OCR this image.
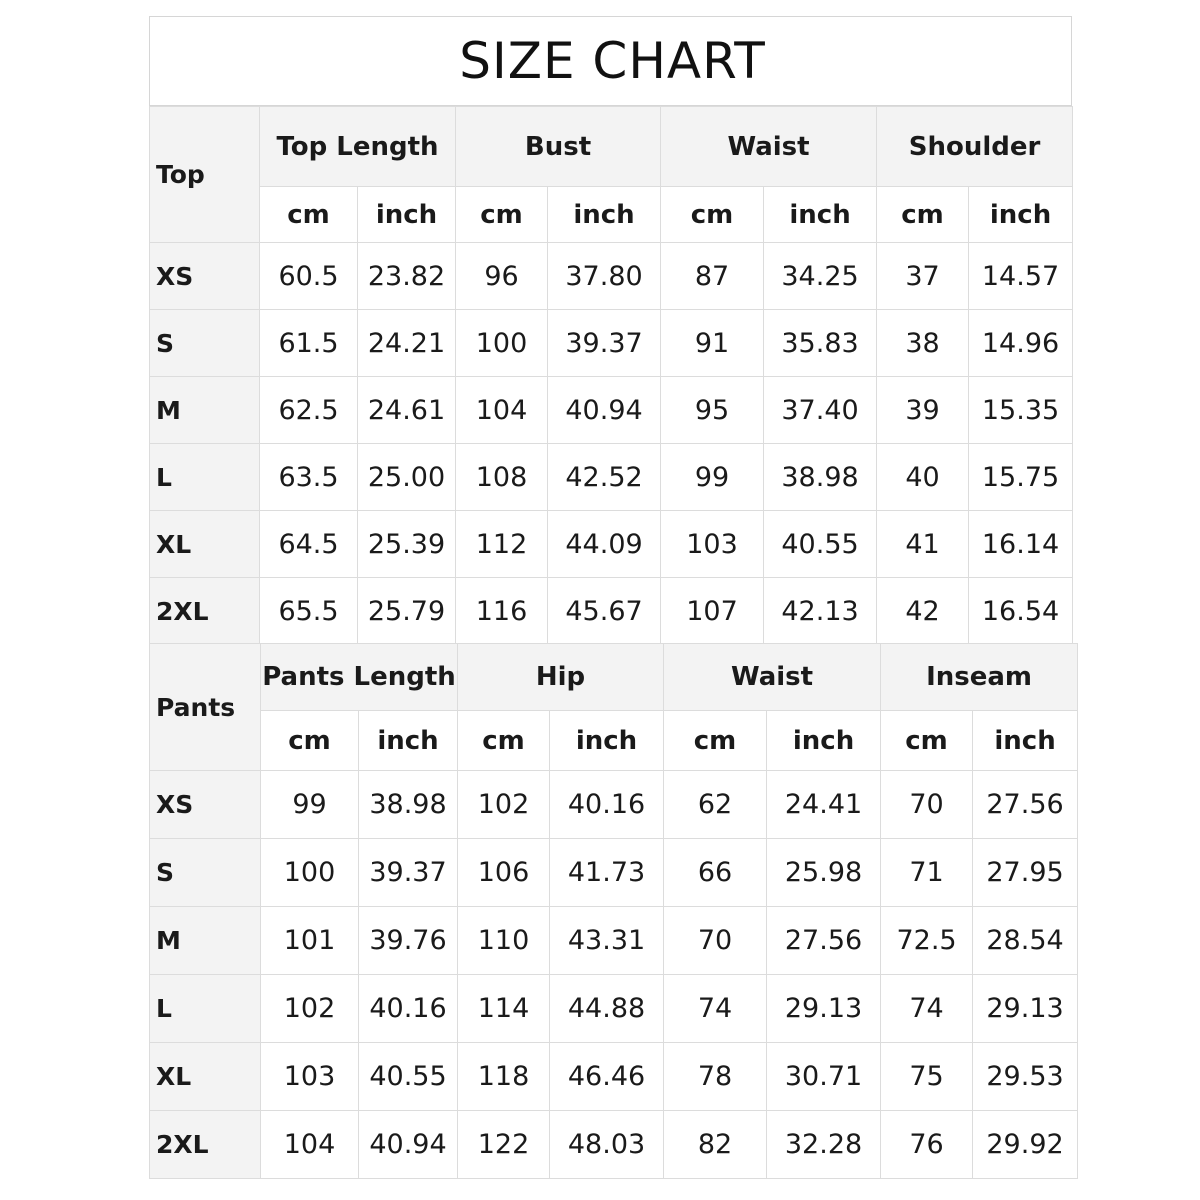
SIZE CHART
Top	Top Length		Bust		Waist		Shoulder	
	cm	inch	cm	inch	cm	inch	cm	inch
XS	60.5	23.82	96	37.80	87	34.25	37	14.57
S	61.5	24.21	100	39.37	91	35.83	38	14.96
M	62.5	24.61	104	40.94	95	37.40	39	15.35
L	63.5	25.00	108	42.52	99	38.98	40	15.75
XL	64.5	25.39	112	44.09	103	40.55	41	16.14
2XL	65.5	25.79	116	45.67	107	42.13	42	16.54
Pants	Pants Length		Hip		Waist		Inseam	
	cm	inch	cm	inch	cm	inch	cm	inch
XS	99	38.98	102	40.16	62	24.41	70	27.56
S	100	39.37	106	41.73	66	25.98	71	27.95
M	101	39.76	110	43.31	70	27.56	72.5	28.54
L	102	40.16	114	44.88	74	29.13	74	29.13
XL	103	40.55	118	46.46	78	30.71	75	29.53
2XL	104	40.94	122	48.03	82	32.28	76	29.92
